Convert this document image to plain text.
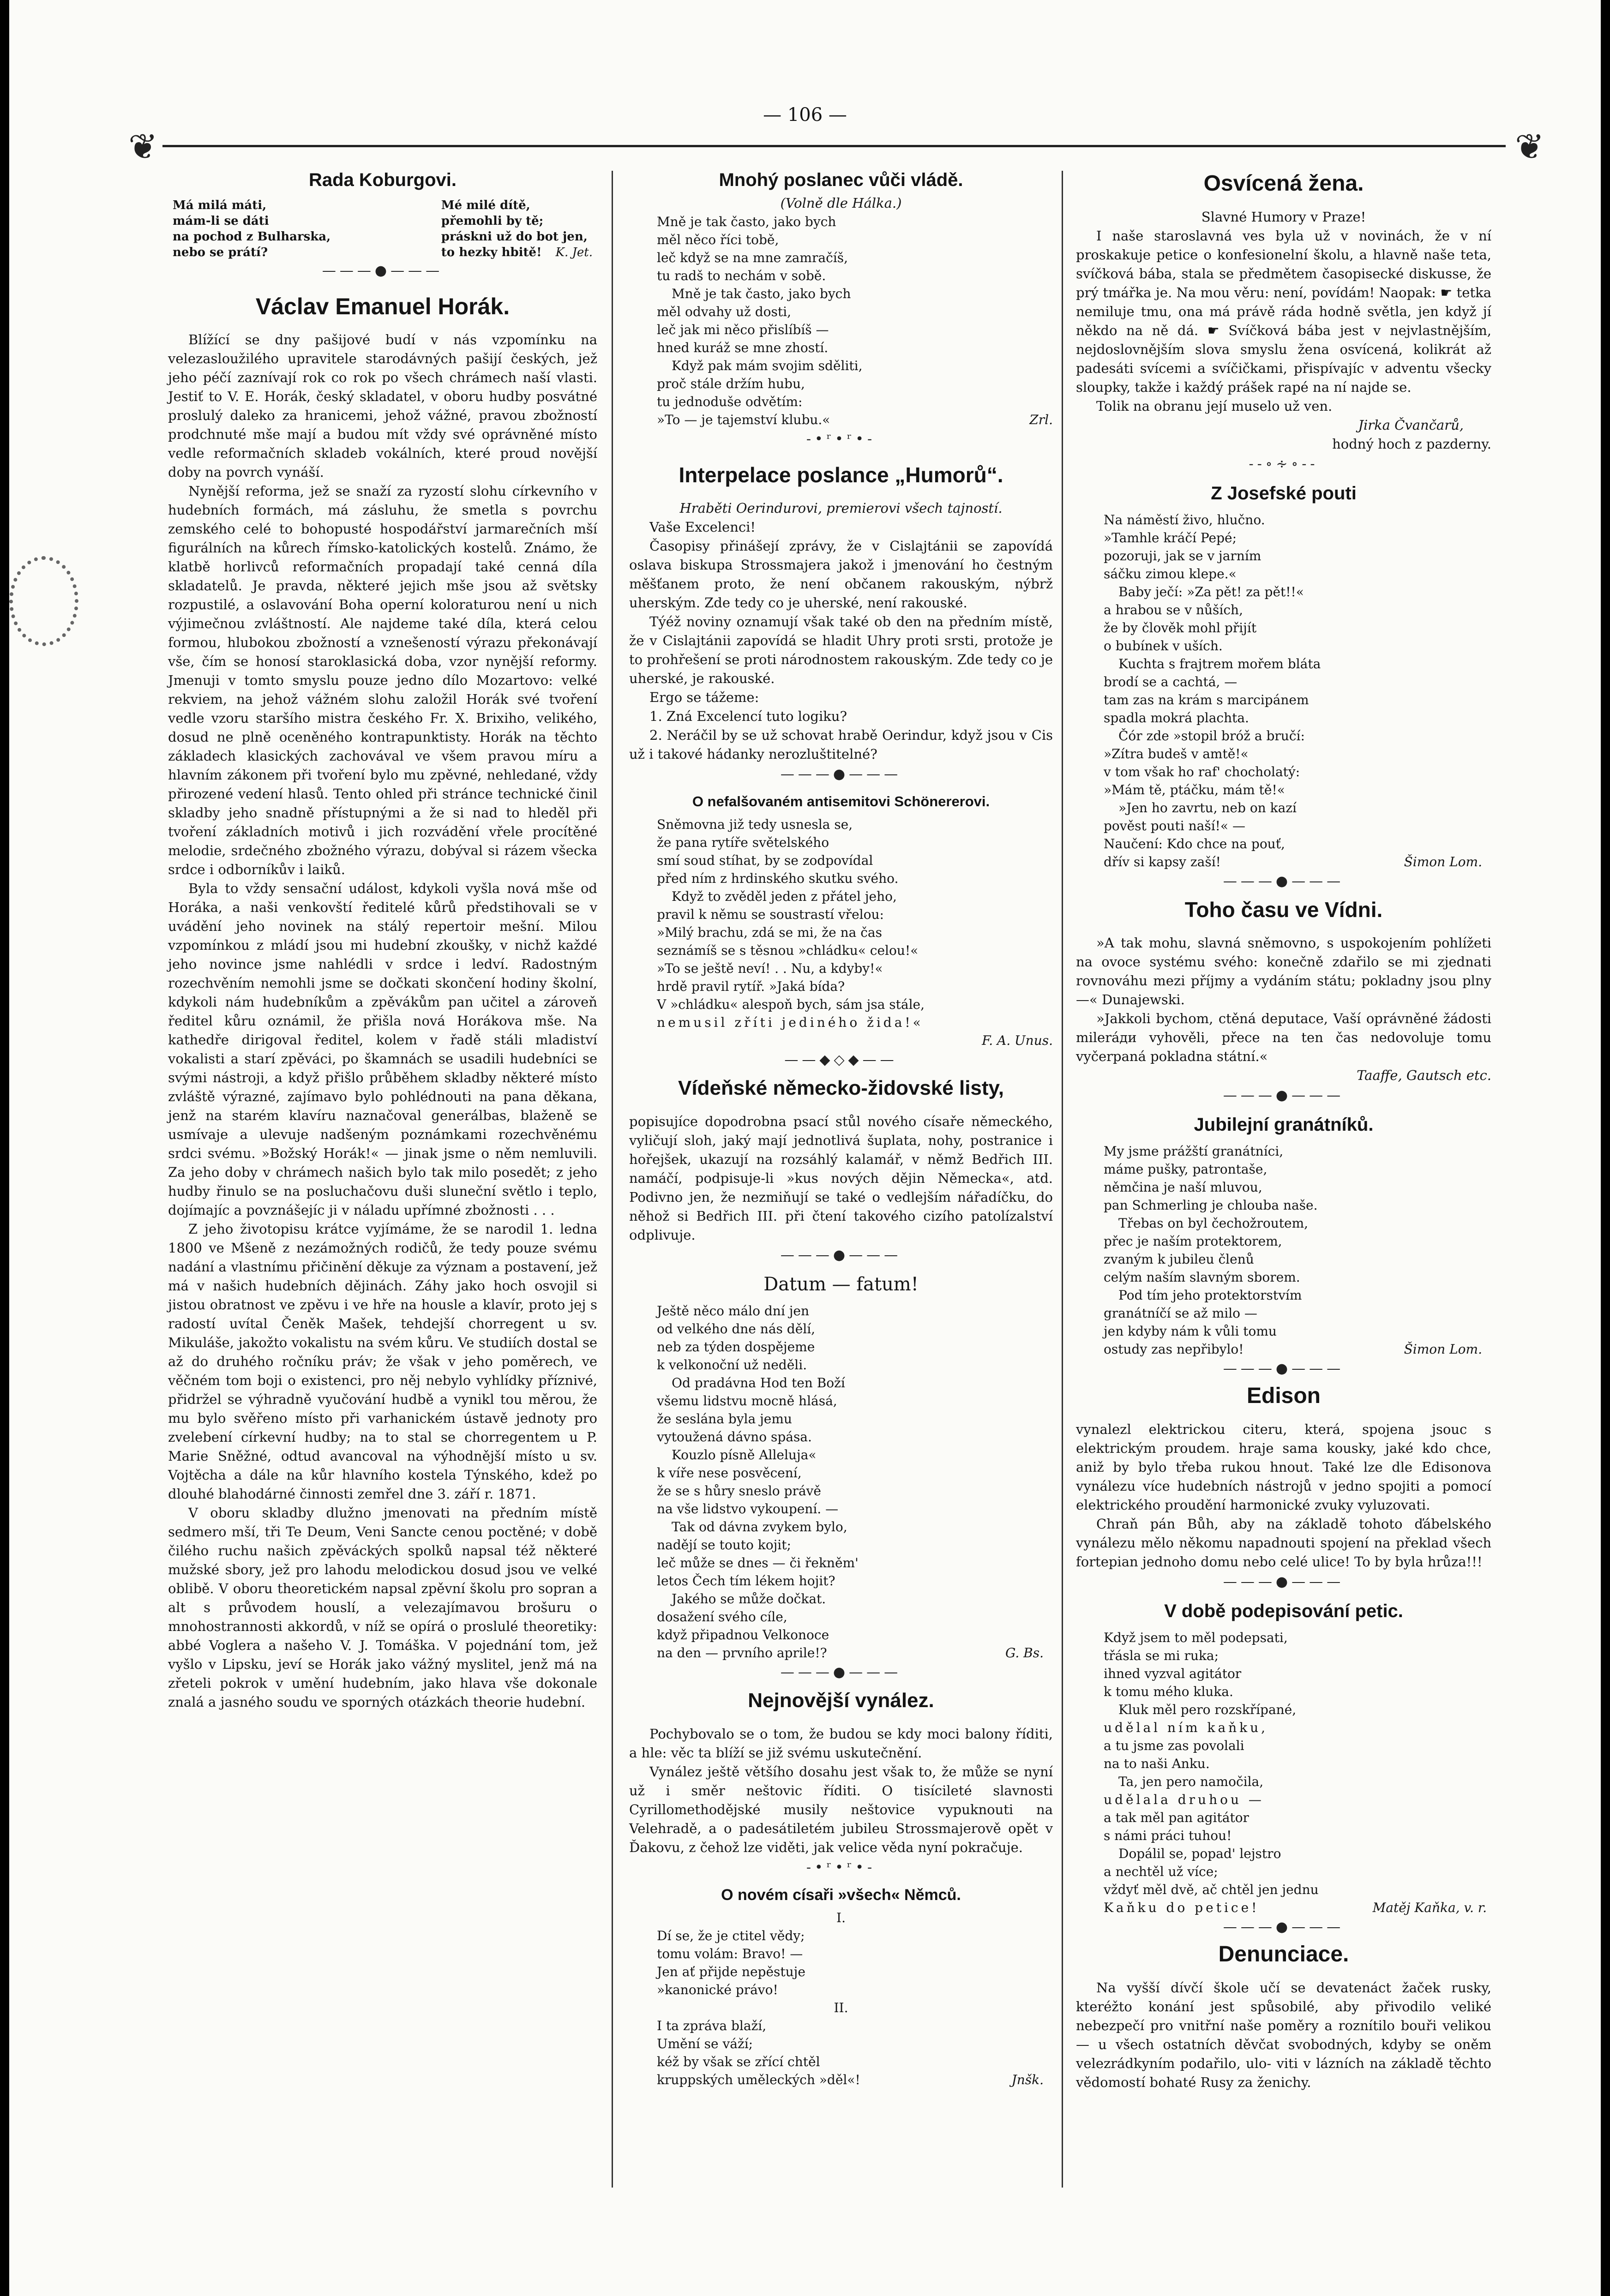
— 106 —
❦	❦
Rada Koburgovi.
Má milá máti,
mám-li se dáti
na pochod z Bulharska,
nebo se prátí?
Mé milé dítě,
přemohli by tě;
práskni už do bot jen,
to hezky hbitě! K. Jet.
———●———
Václav Emanuel Horák.

Blížící se dny pašijové budí v nás vzpomínku na velezasloužilého upravitele starodávných pašijí českých, jež jeho péčí zaznívají rok co rok po všech chrámech naší vlasti. Jestiť to V. E. Horák, český skladatel, v oboru hudby posvátné proslulý daleko za hranicemi, jehož vážné, pravou zbožností prodchnuté mše mají a budou mít vždy své oprávněné místo vedle reformačních skladeb vokálních, které proud novější doby na povrch vynáší.

Nynější reforma, jež se snaží za ryzostí slohu církevního v hudebních formách, má zásluhu, že smetla s povrchu zemského celé to bohopusté hospodářství jarmarečních mší figurálních na kůrech římsko-katolických kostelů. Známo, že klatbě horlivců reformačních propadají také cenná díla skladatelů. Je pravda, některé jejich mše jsou až světsky rozpustilé, a oslavování Boha operní koloraturou není u nich výjimečnou zvláštností. Ale najdeme také díla, která celou formou, hlubokou zbožností a vznešeností výrazu překonávají vše, čím se honosí staroklasická doba, vzor nynější reformy. Jmenuji v tomto smyslu pouze jedno dílo Mozartovo: velké rekviem, na jehož vážném slohu založil Horák své tvoření vedle vzoru staršího mistra českého Fr. X. Brixiho, velikého, dosud ne plně oceněného kontrapunktisty. Horák na těchto základech klasických zachovával ve všem pravou míru a hlavním zákonem při tvoření bylo mu zpěvné, nehledané, vždy přirozené vedení hlasů. Tento ohled při stránce technické činil skladby jeho snadně přístupnými a že si nad to hleděl při tvoření základních motivů i jich rozvádění vřele procítěné melodie, srdečného zbožného výrazu, dobýval si rázem všecka srdce i odborníkův i laiků.

Byla to vždy sensační událost, kdykoli vyšla nová mše od Horáka, a naši venkovští ředitelé kůrů předstihovali se v uvádění jeho novinek na stálý repertoir mešní. Milou vzpomínkou z mládí jsou mi hudební zkoušky, v nichž každé jeho novince jsme nahlédli v srdce i ledví. Radostným rozechvěním nemohli jsme se dočkati skončení hodiny školní, kdykoli nám hudebníkům a zpěvákům pan učitel a zároveň ředitel kůru oznámil, že přišla nová Horákova mše. Na kathedře dirigoval ředitel, kolem v řadě stáli mladiství vokalisti a starí zpěváci, po škamnách se usadili hudebníci se svými nástroji, a když přišlo průběhem skladby některé místo zvláště výrazné, zajímavo bylo pohlédnouti na pana děkana, jenž na starém klavíru naznačoval generálbas, blaženě se usmívaje a ulevuje nadšeným poznámkami rozechvěnému srdci svému. »Božský Horák!« — jinak jsme o něm nemluvili. Za jeho doby v chrámech našich bylo tak milo posedět; z jeho hudby řinulo se na posluchačovu duši sluneční světlo i teplo, dojímajíc a povznášejíc ji v náladu upřímné zbožnosti . . .

Z jeho životopisu krátce vyjímáme, že se narodil 1. ledna 1800 ve Mšeně z nezámožných rodičů, že tedy pouze svému nadání a vlastnímu přičinění děkuje za význam a postavení, jež má v našich hudebních dějinách. Záhy jako hoch osvojil si jistou obratnost ve zpěvu i ve hře na housle a klavír, proto jej s radostí uvítal Čeněk Mašek, tehdejší chorregent u sv. Mikuláše, jakožto vokalistu na svém kůru. Ve studiích dostal se až do druhého ročníku práv; že však v jeho poměrech, ve věčném tom boji o existenci, pro něj nebylo vyhlídky příznivé, přidržel se výhradně vyučování hudbě a vynikl tou měrou, že mu bylo svěřeno místo při varhanickém ústavě jednoty pro zvelebení církevní hudby; na to stal se chorregentem u P. Marie Sněžné, odtud avancoval na výhodnější místo u sv. Vojtěcha a dále na kůr hlavního kostela Týnského, kdež po dlouhé blahodárné činnosti zemřel dne 3. září r. 1871.

V oboru skladby dlužno jmenovati na předním místě sedmero mší, tři Te Deum, Veni Sancte cenou poctěné; v době čilého ruchu našich zpěváckých spolků napsal též některé mužské sbory, jež pro lahodu melodickou dosud jsou ve velké oblibě. V oboru theoretickém napsal zpěvní školu pro sopran a alt s průvodem houslí, a velezajímavou brošuru o mnohostrannosti akkordů, v níž se opírá o proslulé theoretiky: abbé Voglera a našeho V. J. Tomáška. V pojednání tom, jež vyšlo v Lipsku, jeví se Horák jako vážný myslitel, jenž má na zřeteli pokrok v umění hudebním, jako hlava vše dokonale znalá a jasného soudu ve sporných otázkách theorie hudební.

Mnohý poslanec vůči vládě.
(Volně dle Hálka.)
Mně je tak často, jako bych
měl něco říci tobě,
leč když se na mne zamračíš,
tu radš to nechám v sobě.
Mně je tak často, jako bych
měl odvahy už dosti,
leč jak mi něco přislíbíš —
hned kuráž se mne zhostí.
Když pak mám svojim sděliti,
proč stále držím hubu,
tu jednoduše odvětím:
»To — je tajemství klubu.«	Zrl.
-•ʳ•ʳ•-
Interpelace poslance „Humorů“.

Hraběti Oerindurovi, premierovi všech tajností.

Vaše Excelenci!

Časopisy přinášejí zprávy, že v Cislajtánii se zapovídá oslava biskupa Strossmajera jakož i jmenování ho čestným měšťanem proto, že není občanem rakouským, nýbrž uherským. Zde tedy co je uherské, není rakouské.

Týéž noviny oznamují však také ob den na předním místě, že v Cislajtánii zapovídá se hladit Uhry proti srsti, protože je to prohřešení se proti národnostem rakouským. Zde tedy co je uherské, je rakouské.

Ergo se tážeme:

1. Zná Excelencí tuto logiku?

2. Neráčil by se už schovat hrabě Oerindur, když jsou v Cis už i takové hádanky nerozluštitelné?

———●———
O nefalšovaném antisemitovi Schönererovi.
Sněmovna již tedy usnesla se,
že pana rytíře světelského
smí soud stíhat, by se zodpovídal
před ním z hrdinského skutku svého.
Když to zvěděl jeden z přátel jeho,
pravil k němu se soustrastí vřelou:
»Milý brachu, zdá se mi, že na čas
seznámíš se s těsnou »chládku« celou!«
»To se ještě neví! . . Nu, a kdyby!«
hrdě pravil rytíř. »Jaká bída?
V »chládku« alespoň bych, sám jsa stále,
nemusil zříti jediného žida!«
F. A. Unus.
——◆◇◆——
Vídeňské německo-židovské listy,

popisujíce dopodrobna psací stůl nového císaře německého, vyličují sloh, jaký mají jednotlivá šuplata, nohy, postranice i hořejšek, ukazují na rozsáhlý kalamář, v němž Bedřich III. namáčí, podpisuje-li »kus nových dějin Německa«, atd. Podivno jen, že nezmiňují se také o vedlejším nářadíčku, do něhož si Bedřich III. při čtení takového cizího patolízalství odplivuje.

———●———
Datum — fatum!
Ještě něco málo dní jen
od velkého dne nás dělí,
neb za týden dospějeme
k velkonoční už neděli.
Od pradávna Hod ten Boží
všemu lidstvu mocně hlásá,
že seslána byla jemu
vytoužená dávno spása.
Kouzlo písně Alleluja«
k víře nese posvěcení,
že se s hůry sneslo právě
na vše lidstvo vykoupení. —
Tak od dávna zvykem bylo,
nadějí se touto kojit;
leč může se dnes — či řekněm'
letos Čech tím lékem hojit?
Jakého se může dočkat.
dosažení svého cíle,
když připadnou Velkonoce
na den — prvního aprile!?	G. Bs.
———●———
Nejnovější vynález.

Pochybovalo se o tom, že budou se kdy moci balony říditi, a hle: věc ta blíží se již svému uskutečnění.

Vynález ještě většího dosahu jest však to, že může se nyní už i směr neštovic říditi. O tisícileté slavnosti Cyrillomethodějské musily neštovice vypuknouti na Velehradě, a o padesátiletém jubileu Strossmajerově opět v Ďakovu, z čehož lze viděti, jak velice věda nyní pokračuje.

-•ʳ•ʳ•-
O novém císaři »všech« Němců.
I.
Dí se, že je ctitel vědy;
tomu volám: Bravo! —
Jen ať přijde nepěstuje
»kanonické právo!
II.
I ta zpráva blaží,
Umění se váží;
kéž by však se zřící chtěl
kruppských uměleckých »děl«!	Jnšk.
Osvícená žena.

Slavné Humory v Praze!

I naše staroslavná ves byla už v novinách, že v ní proskakuje petice o konfesionelní školu, a hlavně naše teta, svíčková bába, stala se předmětem časopisecké diskusse, že prý tmářka je. Na mou věru: není, povídám! Naopak: ☛ tetka nemiluje tmu, ona má právě ráda hodně světla, jen když jí někdo na ně dá. ☛ Svíčková bába jest v nejvlastnějším, nejdoslovnějším slova smyslu žena osvícená, kolikrát až padesáti svícemi a svíčičkami, přispívajíc v adventu všecky sloupky, takže i každý prášek rapé na ní najde se.

Tolik na obranu její muselo už ven.

Jirka Čvančarů,

hodný hoch z pazderny.

--∘∻∘--
Z Josefské pouti
Na náměstí živo, hlučno.
»Tamhle kráčí Pepé;
pozoruji, jak se v jarním
sáčku zimou klepe.«
Baby ječí: »Za pět! za pět!!«
a hrabou se v nůších,
že by člověk mohl přijít
o bubínek v uších.
Kuchta s frajtrem mořem bláta
brodí se a cachtá, —
tam zas na krám s marcipánem
spadla mokrá plachta.
Čór zde »stopil bróž a bručí:
»Zítra budeš v amtě!«
v tom však ho raf' chocholatý:
»Mám tě, ptáčku, mám tě!«
»Jen ho zavrtu, neb on kazí
pověst pouti naší!« —
Naučení: Kdo chce na pouť,
dřív si kapsy zaší!	Šimon Lom.
———●———
Toho času ve Vídni.

»A tak mohu, slavná sněmovno, s uspokojením pohlížeti na ovoce systému svého: konečně zdařilo se mi zjednati rovnováhu mezi příjmy a vydáním státu; pokladny jsou plny —« Dunajewski.

»Jakkoli bychom, ctěná deputace, Vaší oprávněné žádosti mileráди vyhověli, přece na ten čas nedovoluje tomu vyčerpaná pokladna státní.«

Taaffe, Gautsch etc.

———●———
Jubilejní granátníků.
My jsme prážští granátníci,
máme pušky, patrontaše,
němčina je naší mluvou,
pan Schmerling je chlouba naše.
Třebas on byl čechožroutem,
přec je naším protektorem,
zvaným k jubileu členů
celým naším slavným sborem.
Pod tím jeho protektorstvím
granátníčí se až milo —
jen kdyby nám k vůli tomu
ostudy zas nepřibylo!	Šimon Lom.
———●———
Edison

vynalezl elektrickou citeru, která, spojena jsouc s elektrickým proudem. hraje sama kousky, jaké kdo chce, aniž by bylo třeba rukou hnout. Také lze dle Edisonova vynálezu více hudebních nástrojů v jedno spojiti a pomocí elektrického proudění harmonické zvuky vyluzovati.

Chraň pán Bůh, aby na základě tohoto ďábelského vynálezu mělo někomu napadnouti spojení na překlad všech fortepian jednoho domu nebo celé ulice! To by byla hrůza!!!

———●———
V době podepisování petic.
Když jsem to měl podepsati,
třásla se mi ruka;
ihned vyzval agitátor
k tomu mého kluka.
Kluk měl pero rozskřípané,
udělal ním kaňku,
a tu jsme zas povolali
na to naši Anku.
Ta, jen pero namočila,
udělala druhou —
a tak měl pan agitátor
s námi práci tuhou!
Dopálil se, popad' lejstro
a nechtěl už více;
vždyť měl dvě, ač chtěl jen jednu
Kaňku do petice!	Matěj Kaňka, v. r.
———●———
Denunciace.

Na vyšší dívčí škole učí se devatenáct žaček rusky, kteréžto konání jest spůsobilé, aby přivodilo veliké nebezpečí pro vnitřní naše poměry a roznítilo bouři velikou — u všech ostatních děvčat svobodných, kdyby se oněm velezrádkyním podařilo, ulo- viti v lázních na základě těchto vědomostí bohaté Rusy za ženichy.
